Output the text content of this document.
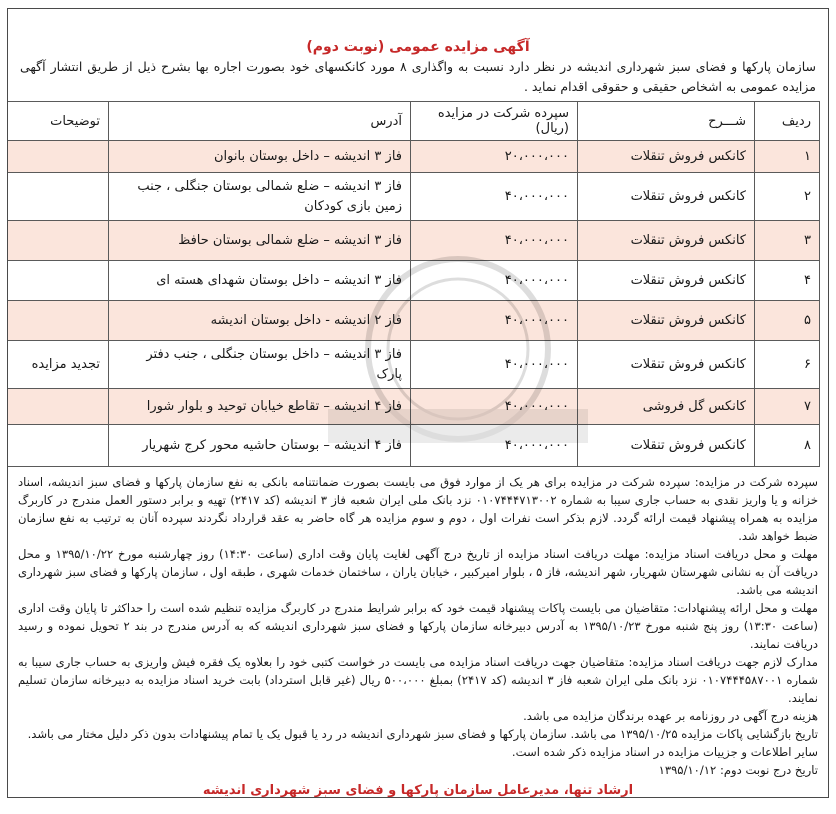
آگهی مزایده عمومی (نوبت دوم)
سازمان پارکها و فضای سبز شهرداری اندیشه در نظر دارد نسبت به واگذاری ۸ مورد کانکسهای خود بصورت اجاره بها بشرح ذیل از طریق انتشار آگهی مزایده عمومی به اشخاص حقیقی و حقوقی اقدام نماید .
ردیف	شـــرح	سپرده شرکت در مزایده (ریال)	آدرس	توضیحات
۱	کانکس فروش تنقلات	۲۰،۰۰۰،۰۰۰	فاز ۳ اندیشه – داخل بوستان بانوان	
۲	کانکس فروش تنقلات	۴۰،۰۰۰،۰۰۰	فاز ۳ اندیشه – ضلع شمالی بوستان جنگلی ، جنب زمین بازی کودکان	
۳	کانکس فروش تنقلات	۴۰،۰۰۰،۰۰۰	فاز ۳ اندیشه – ضلع شمالی بوستان حافظ	
۴	کانکس فروش تنقلات	۴۰،۰۰۰،۰۰۰	فاز ۳ اندیشه – داخل بوستان شهدای هسته ای	
۵	کانکس فروش تنقلات	۴۰،۰۰۰،۰۰۰	فاز ۲ اندیشه - داخل بوستان اندیشه	
۶	کانکس فروش تنقلات	۴۰،۰۰۰،۰۰۰	فاز ۳ اندیشه – داخل بوستان جنگلی ، جنب دفتر پارک	تجدید مزایده
۷	کانکس گل فروشی	۴۰،۰۰۰،۰۰۰	فاز ۴ اندیشه – تقاطع خیابان توحید و بلوار شورا	
۸	کانکس فروش تنقلات	۴۰،۰۰۰،۰۰۰	فاز ۴ اندیشه – بوستان حاشیه محور کرج شهریار	

سپرده شرکت در مزایده: سپرده شرکت در مزایده برای هر یک از موارد فوق می بایست بصورت ضمانتنامه بانکی به نفع سازمان پارکها و فضای سبز اندیشه، اسناد خزانه و یا واریز نقدی به حساب جاری سیبا به شماره ۰۱۰۷۴۴۴۷۱۳۰۰۲ نزد بانک ملی ایران شعبه فاز ۳ اندیشه (کد ۲۴۱۷) تهیه و برابر دستور العمل مندرج در کاربرگ مزایده به همراه پیشنهاد قیمت ارائه گردد. لازم بذکر است نفرات اول ، دوم و سوم مزایده هر گاه حاضر به عقد قرارداد نگردند سپرده آنان به ترتیب به نفع سازمان ضبط خواهد شد.

مهلت و محل دریافت اسناد مزایده: مهلت دریافت اسناد مزایده از تاریخ درج آگهی لغایت پایان وقت اداری (ساعت ۱۴:۳۰) روز چهارشنبه مورخ ۱۳۹۵/۱۰/۲۲ و محل دریافت آن به نشانی شهرستان شهریار، شهر اندیشه، فاز ۵ ، بلوار امیرکبیر ، خیابان یاران ، ساختمان خدمات شهری ، طبقه اول ، سازمان پارکها و فضای سبز شهرداری اندیشه می باشد.

مهلت و محل ارائه پیشنهادات: متقاضیان می بایست پاکات پیشنهاد قیمت خود که برابر شرایط مندرج در کاربرگ مزایده تنظیم شده است را حداکثر تا پایان وقت اداری (ساعت ۱۳:۳۰) روز پنج شنبه مورخ ۱۳۹۵/۱۰/۲۳ به آدرس دبیرخانه سازمان پارکها و فضای سبز شهرداری اندیشه که به آدرس مندرج در بند ۲ تحویل نموده و رسید دریافت نمایند.

مدارک لازم جهت دریافت اسناد مزایده: متقاضیان جهت دریافت اسناد مزایده می بایست در خواست کتبی خود را بعلاوه یک فقره فیش واریزی به حساب جاری سیبا به شماره ۰۱۰۷۴۴۴۵۸۷۰۰۱ نزد بانک ملی ایران شعبه فاز ۳ اندیشه (کد ۲۴۱۷) بمبلغ ۵۰۰،۰۰۰ ریال (غیر قابل استرداد) بابت خرید اسناد مزایده به دبیرخانه سازمان تسلیم نمایند.

هزینه درج آگهی در روزنامه بر عهده برندگان مزایده می باشد.

تاریخ بازگشایی پاکات مزایده ۱۳۹۵/۱۰/۲۵ می باشد. سازمان پارکها و فضای سبز شهرداری اندیشه در رد یا قبول یک یا تمام پیشنهادات بدون ذکر دلیل مختار می باشد.

سایر اطلاعات و جزییات مزایده در اسناد مزایده ذکر شده است.

تاریخ درج نوبت دوم: ۱۳۹۵/۱۰/۱۲

ارشاد تنها، مدیرعامل سازمان پارکها و فضای سبز شهرداری اندیشه
